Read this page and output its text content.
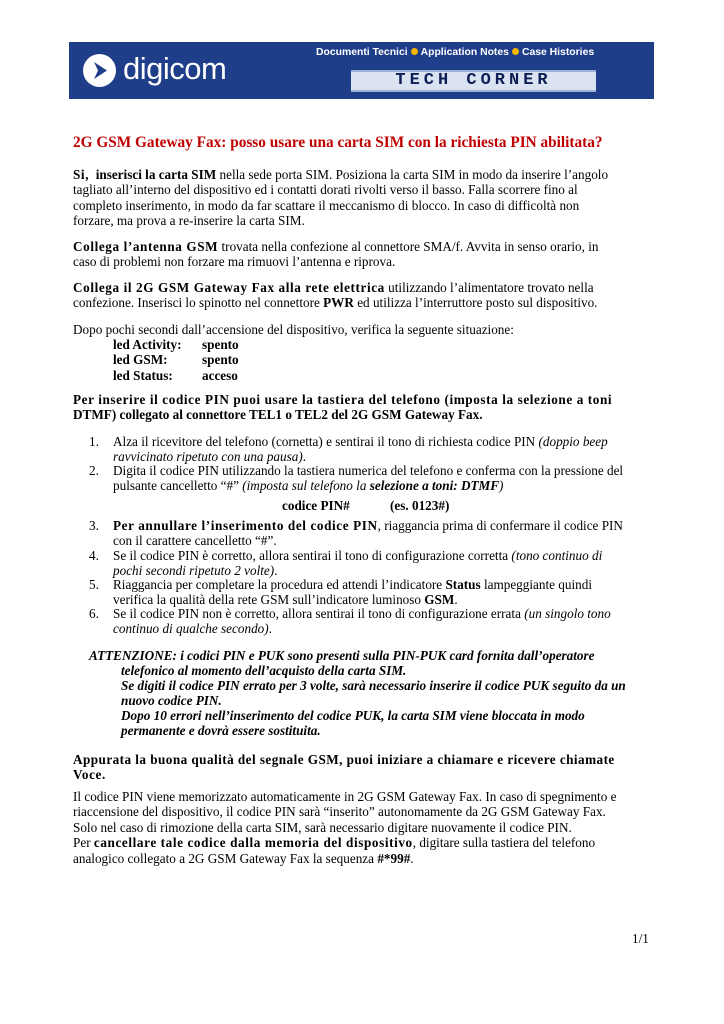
digicom	Documenti Tecnici Application Notes Case Histories
TECH CORNER
2G GSM Gateway Fax: posso usare una carta SIM con la richiesta PIN abilitata?
Si, inserisci la carta SIM nella sede porta SIM. Posiziona la carta SIM in modo da inserire l’angolo
tagliato all’interno del dispositivo ed i contatti dorati rivolti verso il basso. Falla scorrere fino al
completo inserimento, in modo da far scattare il meccanismo di blocco. In caso di difficoltà non
forzare, ma prova a re-inserire la carta SIM.
Collega l’antenna GSM trovata nella confezione al connettore SMA/f. Avvita in senso orario, in
caso di problemi non forzare ma rimuovi l’antenna e riprova.
Collega il 2G GSM Gateway Fax alla rete elettrica utilizzando l’alimentatore trovato nella
confezione. Inserisci lo spinotto nel connettore PWR ed utilizza l’interruttore posto sul dispositivo.
Dopo pochi secondi dall’accensione del dispositivo, verifica la seguente situazione:
led Activity:	spento
led GSM:	spento
led Status:	acceso
Per inserire il codice PIN puoi usare la tastiera del telefono (imposta la selezione a toni
DTMF) collegato al connettore TEL1 o TEL2 del 2G GSM Gateway Fax.
1. Alza il ricevitore del telefono (cornetta) e sentirai il tono di richiesta codice PIN (doppio beep
ravvicinato ripetuto con una pausa).
2. Digita il codice PIN utilizzando la tastiera numerica del telefono e conferma con la pressione del
pulsante cancelletto “#” (imposta sul telefono la selezione a toni: DTMF)
codice PIN#	(es. 0123#)
3. Per annullare l’inserimento del codice PIN, riaggancia prima di confermare il codice PIN
con il carattere cancelletto “#”.
4. Se il codice PIN è corretto, allora sentirai il tono di configurazione corretta (tono continuo di
pochi secondi ripetuto 2 volte).
5. Riaggancia per completare la procedura ed attendi l’indicatore Status lampeggiante quindi
verifica la qualità della rete GSM sull’indicatore luminoso GSM.
6. Se il codice PIN non è corretto, allora sentirai il tono di configurazione errata (un singolo tono
continuo di qualche secondo).
ATTENZIONE: i codici PIN e PUK sono presenti sulla PIN-PUK card fornita dall’operatore
telefonico al momento dell’acquisto della carta SIM.
Se digiti il codice PIN errato per 3 volte, sarà necessario inserire il codice PUK seguito da un
nuovo codice PIN.
Dopo 10 errori nell’inserimento del codice PUK, la carta SIM viene bloccata in modo
permanente e dovrà essere sostituita.
Appurata la buona qualità del segnale GSM, puoi iniziare a chiamare e ricevere chiamate
Voce.
Il codice PIN viene memorizzato automaticamente in 2G GSM Gateway Fax. In caso di spegnimento e
riaccensione del dispositivo, il codice PIN sarà “inserito” autonomamente da 2G GSM Gateway Fax.
Solo nel caso di rimozione della carta SIM, sarà necessario digitare nuovamente il codice PIN.
Per cancellare tale codice dalla memoria del dispositivo, digitare sulla tastiera del telefono
analogico collegato a 2G GSM Gateway Fax la sequenza #*99#.
1/1
